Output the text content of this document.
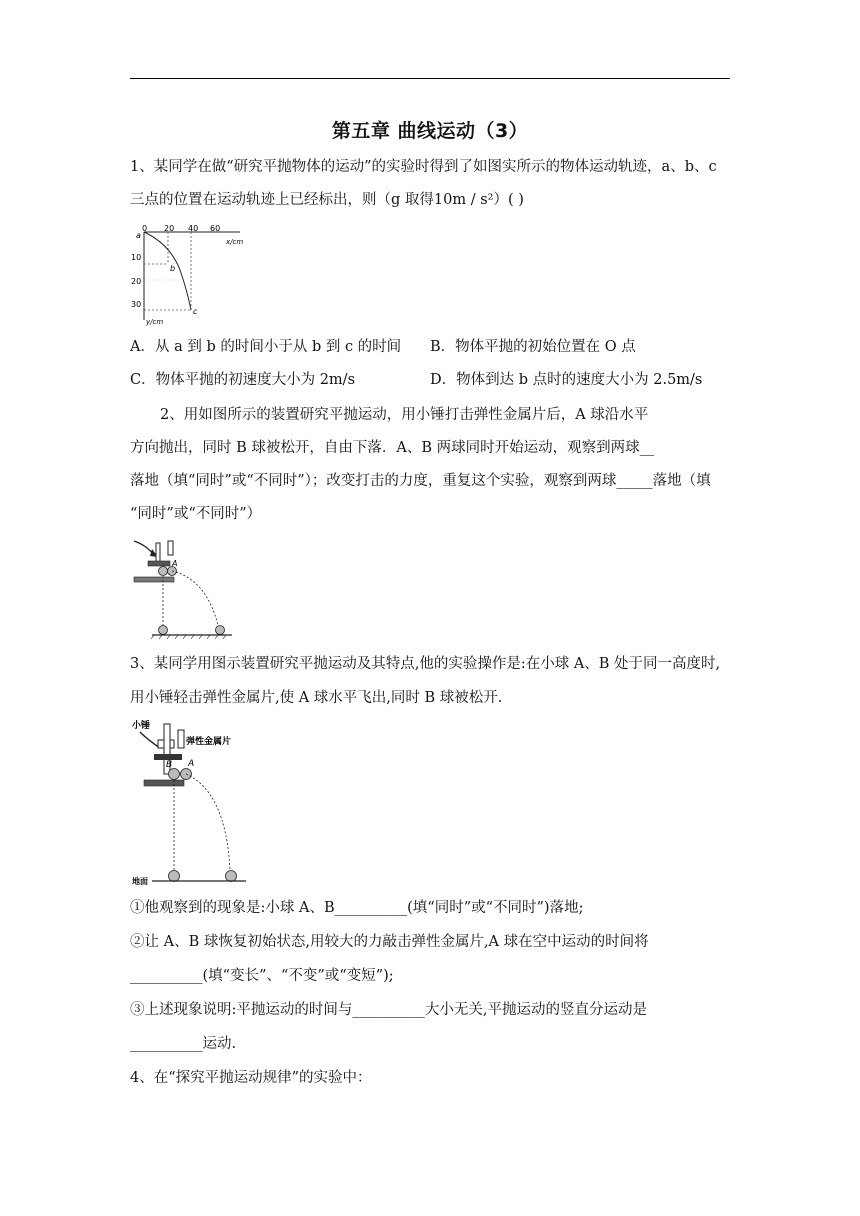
第五章 曲线运动（3）
1、某同学在做“研究平抛物体的运动”的实验时得到了如图实所示的物体运动轨迹，a、b、c
三点的位置在运动轨迹上已经标出，则（g 取得10m / s²）( )
0 20 40 60
x/cm
10
20
30
y/cm
a
b
c
A．从 a 到 b 的时间小于从 b 到 c 的时间 B．物体平抛的初始位置在 O 点
C．物体平抛的初速度大小为 2m/s	D．物体到达 b 点时的速度大小为 2.5m/s
2、用如图所示的装置研究平抛运动，用小锤打击弹性金属片后，A 球沿水平
方向抛出，同时 B 球被松开，自由下落．A、B 两球同时开始运动，观察到两球__
落地（填“同时”或“不同时”）；改变打击的力度，重复这个实验，观察到两球_____落地（填
“同时”或“不同时”）
A
3、某同学用图示装置研究平抛运动及其特点,他的实验操作是:在小球 A、B 处于同一高度时,
用小锤轻击弹性金属片,使 A 球水平飞出,同时 B 球被松开.
小锤
弹性金属片
B A
地面
①他观察到的现象是:小球 A、B__________(填“同时”或“不同时”)落地;
②让 A、B 球恢复初始状态,用较大的力敲击弹性金属片,A 球在空中运动的时间将
__________(填“变长”、“不变”或“变短”);
③上述现象说明:平抛运动的时间与__________大小无关,平抛运动的竖直分运动是
__________运动.
4、在“探究平抛运动规律”的实验中：
